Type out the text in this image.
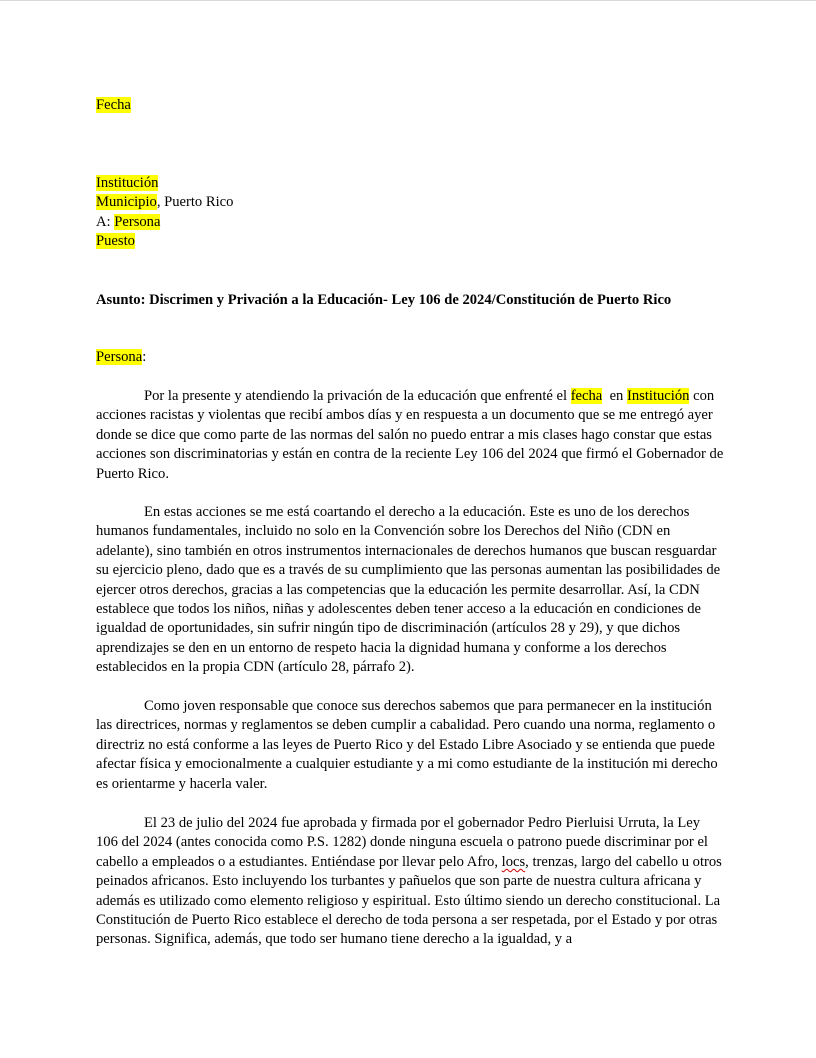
Fecha
Institución
Municipio, Puerto Rico
A: Persona
Puesto
Asunto: Discrimen y Privación a la Educación- Ley 106 de 2024/Constitución de Puerto Rico
Persona:
Por la presente y atendiendo la privación de la educación que enfrenté el fecha  en Institución con acciones racistas y violentas que recibí ambos días y en respuesta a un documento que se me entregó ayer donde se dice que como parte de las normas del salón no puedo entrar a mis clases hago constar que estas acciones son discriminatorias y están en contra de la reciente Ley 106 del 2024 que firmó el Gobernador de Puerto Rico.
En estas acciones se me está coartando el derecho a la educación. Este es uno de los derechos humanos fundamentales, incluido no solo en la Convención sobre los Derechos del Niño (CDN en adelante), sino también en otros instrumentos internacionales de derechos humanos que buscan resguardar su ejercicio pleno, dado que es a través de su cumplimiento que las personas aumentan las posibilidades de ejercer otros derechos, gracias a las competencias que la educación les permite desarrollar. Así, la CDN establece que todos los niños, niñas y adolescentes deben tener acceso a la educación en condiciones de igualdad de oportunidades, sin sufrir ningún tipo de discriminación (artículos 28 y 29), y que dichos aprendizajes se den en un entorno de respeto hacia la dignidad humana y conforme a los derechos establecidos en la propia CDN (artículo 28, párrafo 2).
Como joven responsable que conoce sus derechos sabemos que para permanecer en la institución las directrices, normas y reglamentos se deben cumplir a cabalidad. Pero cuando una norma, reglamento o directriz no está conforme a las leyes de Puerto Rico y del Estado Libre Asociado y se entienda que puede afectar física y emocionalmente a cualquier estudiante y a mi como estudiante de la institución mi derecho es orientarme y hacerla valer.
El 23 de julio del 2024 fue aprobada y firmada por el gobernador Pedro Pierluisi Urruta, la Ley 106 del 2024 (antes conocida como P.S. 1282) donde ninguna escuela o patrono puede discriminar por el cabello a empleados o a estudiantes. Entiéndase por llevar pelo Afro, locs, trenzas, largo del cabello u otros peinados africanos. Esto incluyendo los turbantes y pañuelos que son parte de nuestra cultura africana y además es utilizado como elemento religioso y espiritual. Esto último siendo un derecho constitucional. La Constitución de Puerto Rico establece el derecho de toda persona a ser respetada, por el Estado y por otras personas. Significa, además, que todo ser humano tiene derecho a la igualdad, y a
